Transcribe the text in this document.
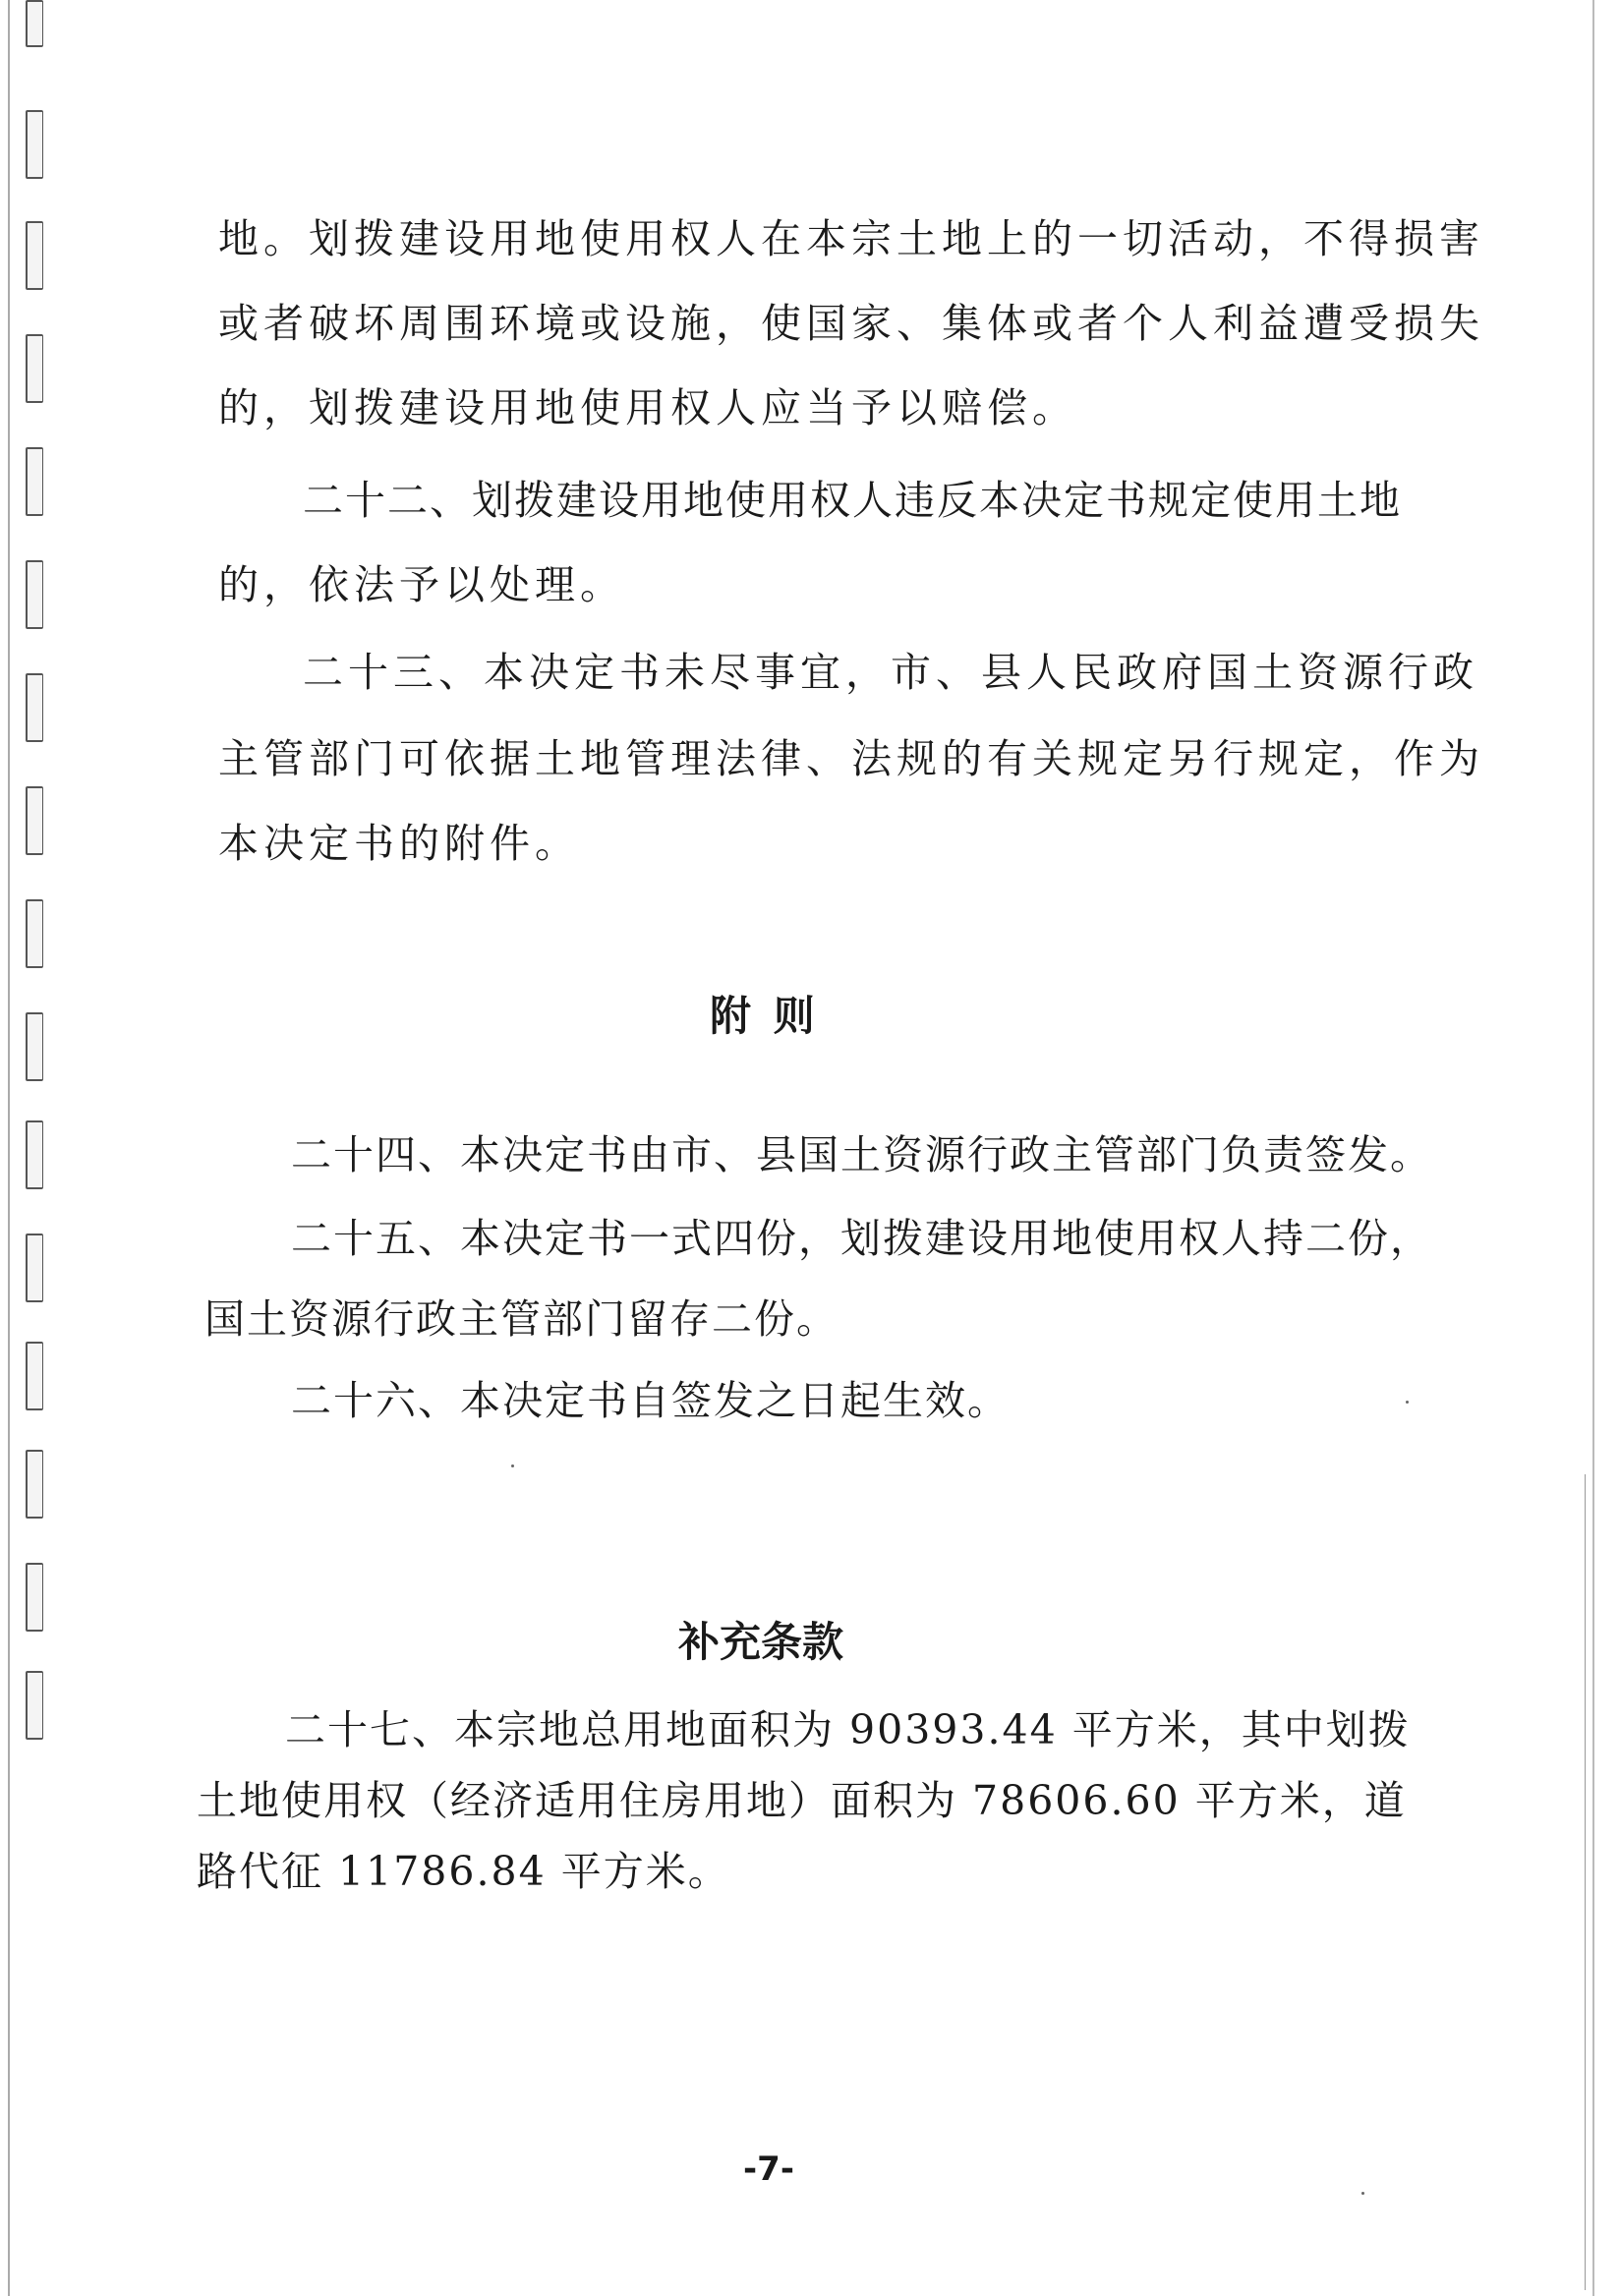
地。划拨建设用地使用权人在本宗土地上的一切活动，不得损害
或者破坏周围环境或设施，使国家、集体或者个人利益遭受损失
的，划拨建设用地使用权人应当予以赔偿。
二十二、划拨建设用地使用权人违反本决定书规定使用土地
的，依法予以处理。
二十三、本决定书未尽事宜，市、县人民政府国土资源行政
主管部门可依据土地管理法律、法规的有关规定另行规定，作为
本决定书的附件。
附 则
二十四、本决定书由市、县国土资源行政主管部门负责签发。
二十五、本决定书一式四份，划拨建设用地使用权人持二份，
国土资源行政主管部门留存二份。
二十六、本决定书自签发之日起生效。
补充条款
二十七、本宗地总用地面积为 90393.44 平方米，其中划拨
土地使用权（经济适用住房用地）面积为 78606.60 平方米，道
路代征 11786.84 平方米。
-7-
